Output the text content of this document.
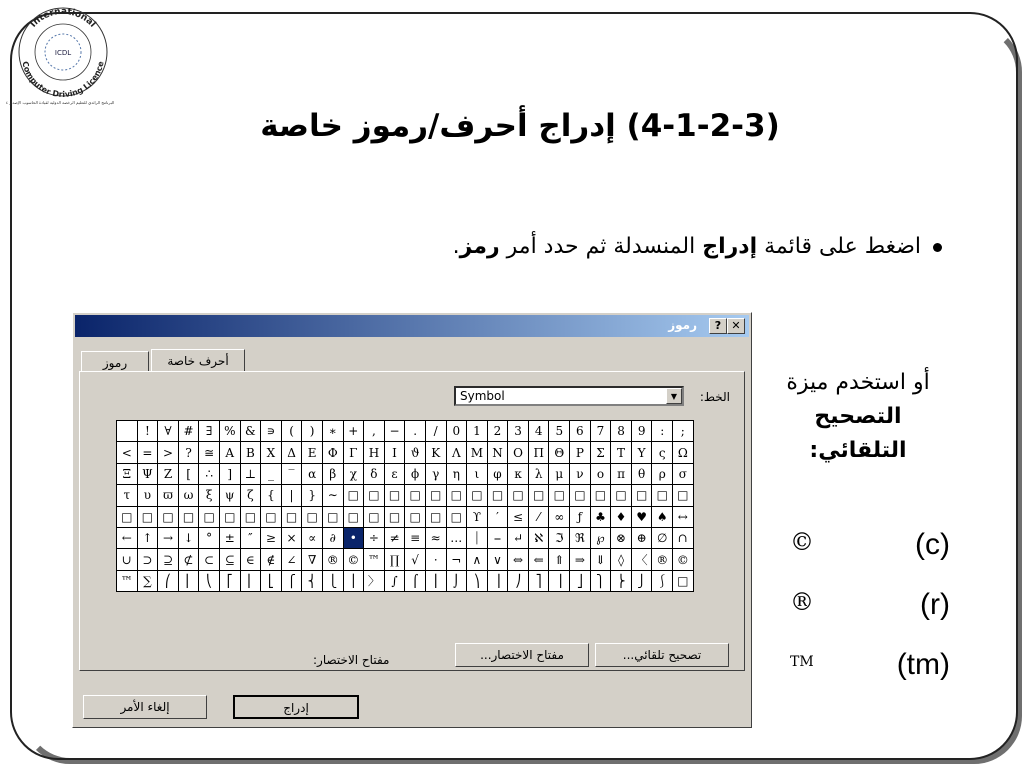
International
Computer Driving Licence
ICDL
البرنامج الرائدي للتعليم الرخصة الدولية لقيادة الحاسوب الإصدار ٤
(4-1-2-3) إدراج أحرف/رموز خاصة
اضغط على قائمة إدراج المنسدلة ثم حدد أمر رمز.
أو استخدم ميزة
التصحيح
التلقائي:
©	(c)
®	(r)
TM	(tm)
رموز	? ✕
رموز	أحرف خاصة
الخط:
Symbol	▼
	!	∀	#	∃	%	&	∍	(	)	∗	+	,	−	.	/	0	1	2	3	4	5	6	7	8	9	:	;
<	=	>	?	≅	Α	Β	Χ	Δ	Ε	Φ	Γ	Η	Ι	ϑ	Κ	Λ	Μ	Ν	Ο	Π	Θ	Ρ	Σ	Τ	Υ	ς	Ω
Ξ	Ψ	Ζ	[	∴	]	⊥	_	‾	α	β	χ	δ	ε	ϕ	γ	η	ι	φ	κ	λ	μ	ν	ο	π	θ	ρ	σ
τ	υ	ϖ	ω	ξ	ψ	ζ	{	|	}	∼	□	□	□	□	□	□	□	□	□	□	□	□	□	□	□	□	□
□	□	□	□	□	□	□	□	□	□	□	□	□	□	□	□	□	ϒ	′	≤	⁄	∞	ƒ	♣	♦	♥	♠	↔
←	↑	→	↓	°	±	″	≥	×	∝	∂	•	÷	≠	≡	≈	…	⏐	⎯	↵	ℵ	ℑ	ℜ	℘	⊗	⊕	∅	∩
∪	⊃	⊇	⊄	⊂	⊆	∈	∉	∠	∇	®	©	™	∏	√	⋅	¬	∧	∨	⇔	⇐	⇑	⇒	⇓	◊	〈	®	©
™	∑	⎛	⎜	⎝	⎡	⎢	⎣	⎧	⎨	⎩	⎪	〉	∫	⌠	⎮	⌡	⎞	⎟	⎠	⎤	⎥	⎦	⎫	⎬	⎭	⎰	□
تصحيح تلقائي...
مفتاح الاختصار...
مفتاح الاختصار:
إدراج
إلغاء الأمر
